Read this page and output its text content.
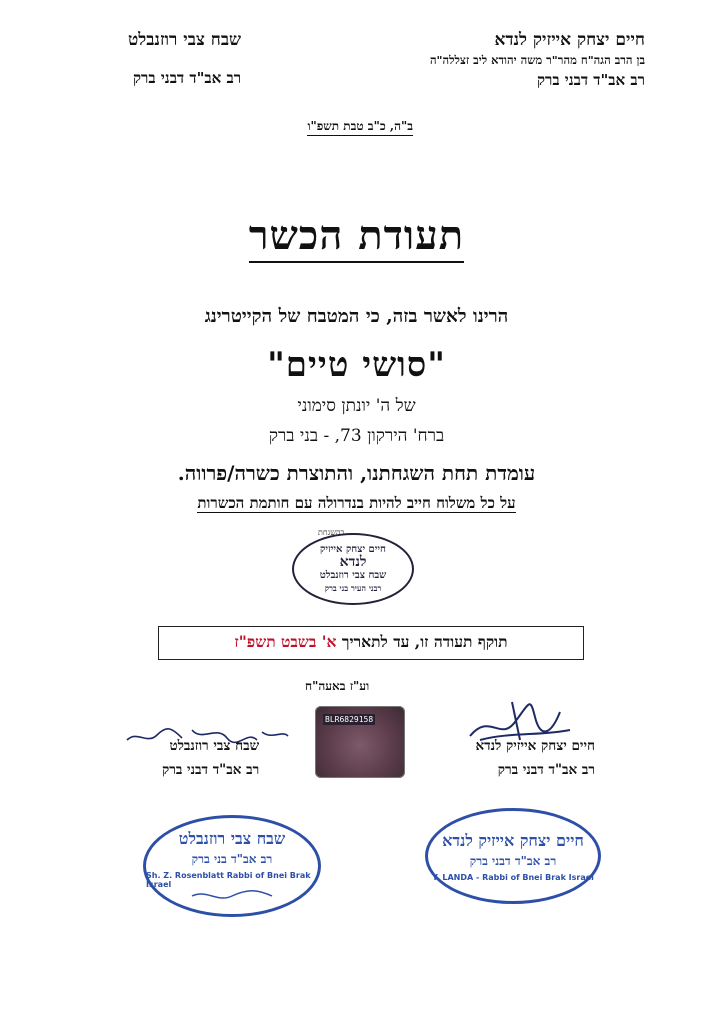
חיים יצחק אייזיק לנדא
בן הרב הגה"ח מהר"ר משה יהודא ליב זצללה"ה
רב אב"ד דבני ברק
שבח צבי רוזנבלט
רב אב"ד דבני ברק
ב"ה, כ"ב טבת תשפ"ו
תעודת הכשר
הרינו לאשר בזה, כי המטבח של הקייטרינג
"סושי טיים"
של ה' יונתן סימוני
ברח' הירקון 73, - בני ברק
עומדת תחת השגחתנו, והתוצרת כשרה/פרווה.
על כל משלוח חייב להיות בנדרולה עם חותמת הכשרות
בהשגחת
חיים יצחק אייזיק
לנדא
שבח צבי רוזנבלט
רבני העיר בני ברק
תוקף תעודה זו, עד לתאריך א' בשבט תשפ"ז
וע"ז באעה"ח
BLR6829158
חיים יצחק אייזיק לנדא
רב אב"ד דבני ברק
שבח צבי רוזנבלט
רב אב"ד דבני ברק
שבח צבי רוזנבלט
רב אב"ד בני ברק
Sh. Z. Rosenblatt Rabbi of Bnei Brak Israel
חיים יצחק אייזיק לנדא
רב אב"ד דבני ברק
Y. LANDA - Rabbi of Bnei Brak Israel
